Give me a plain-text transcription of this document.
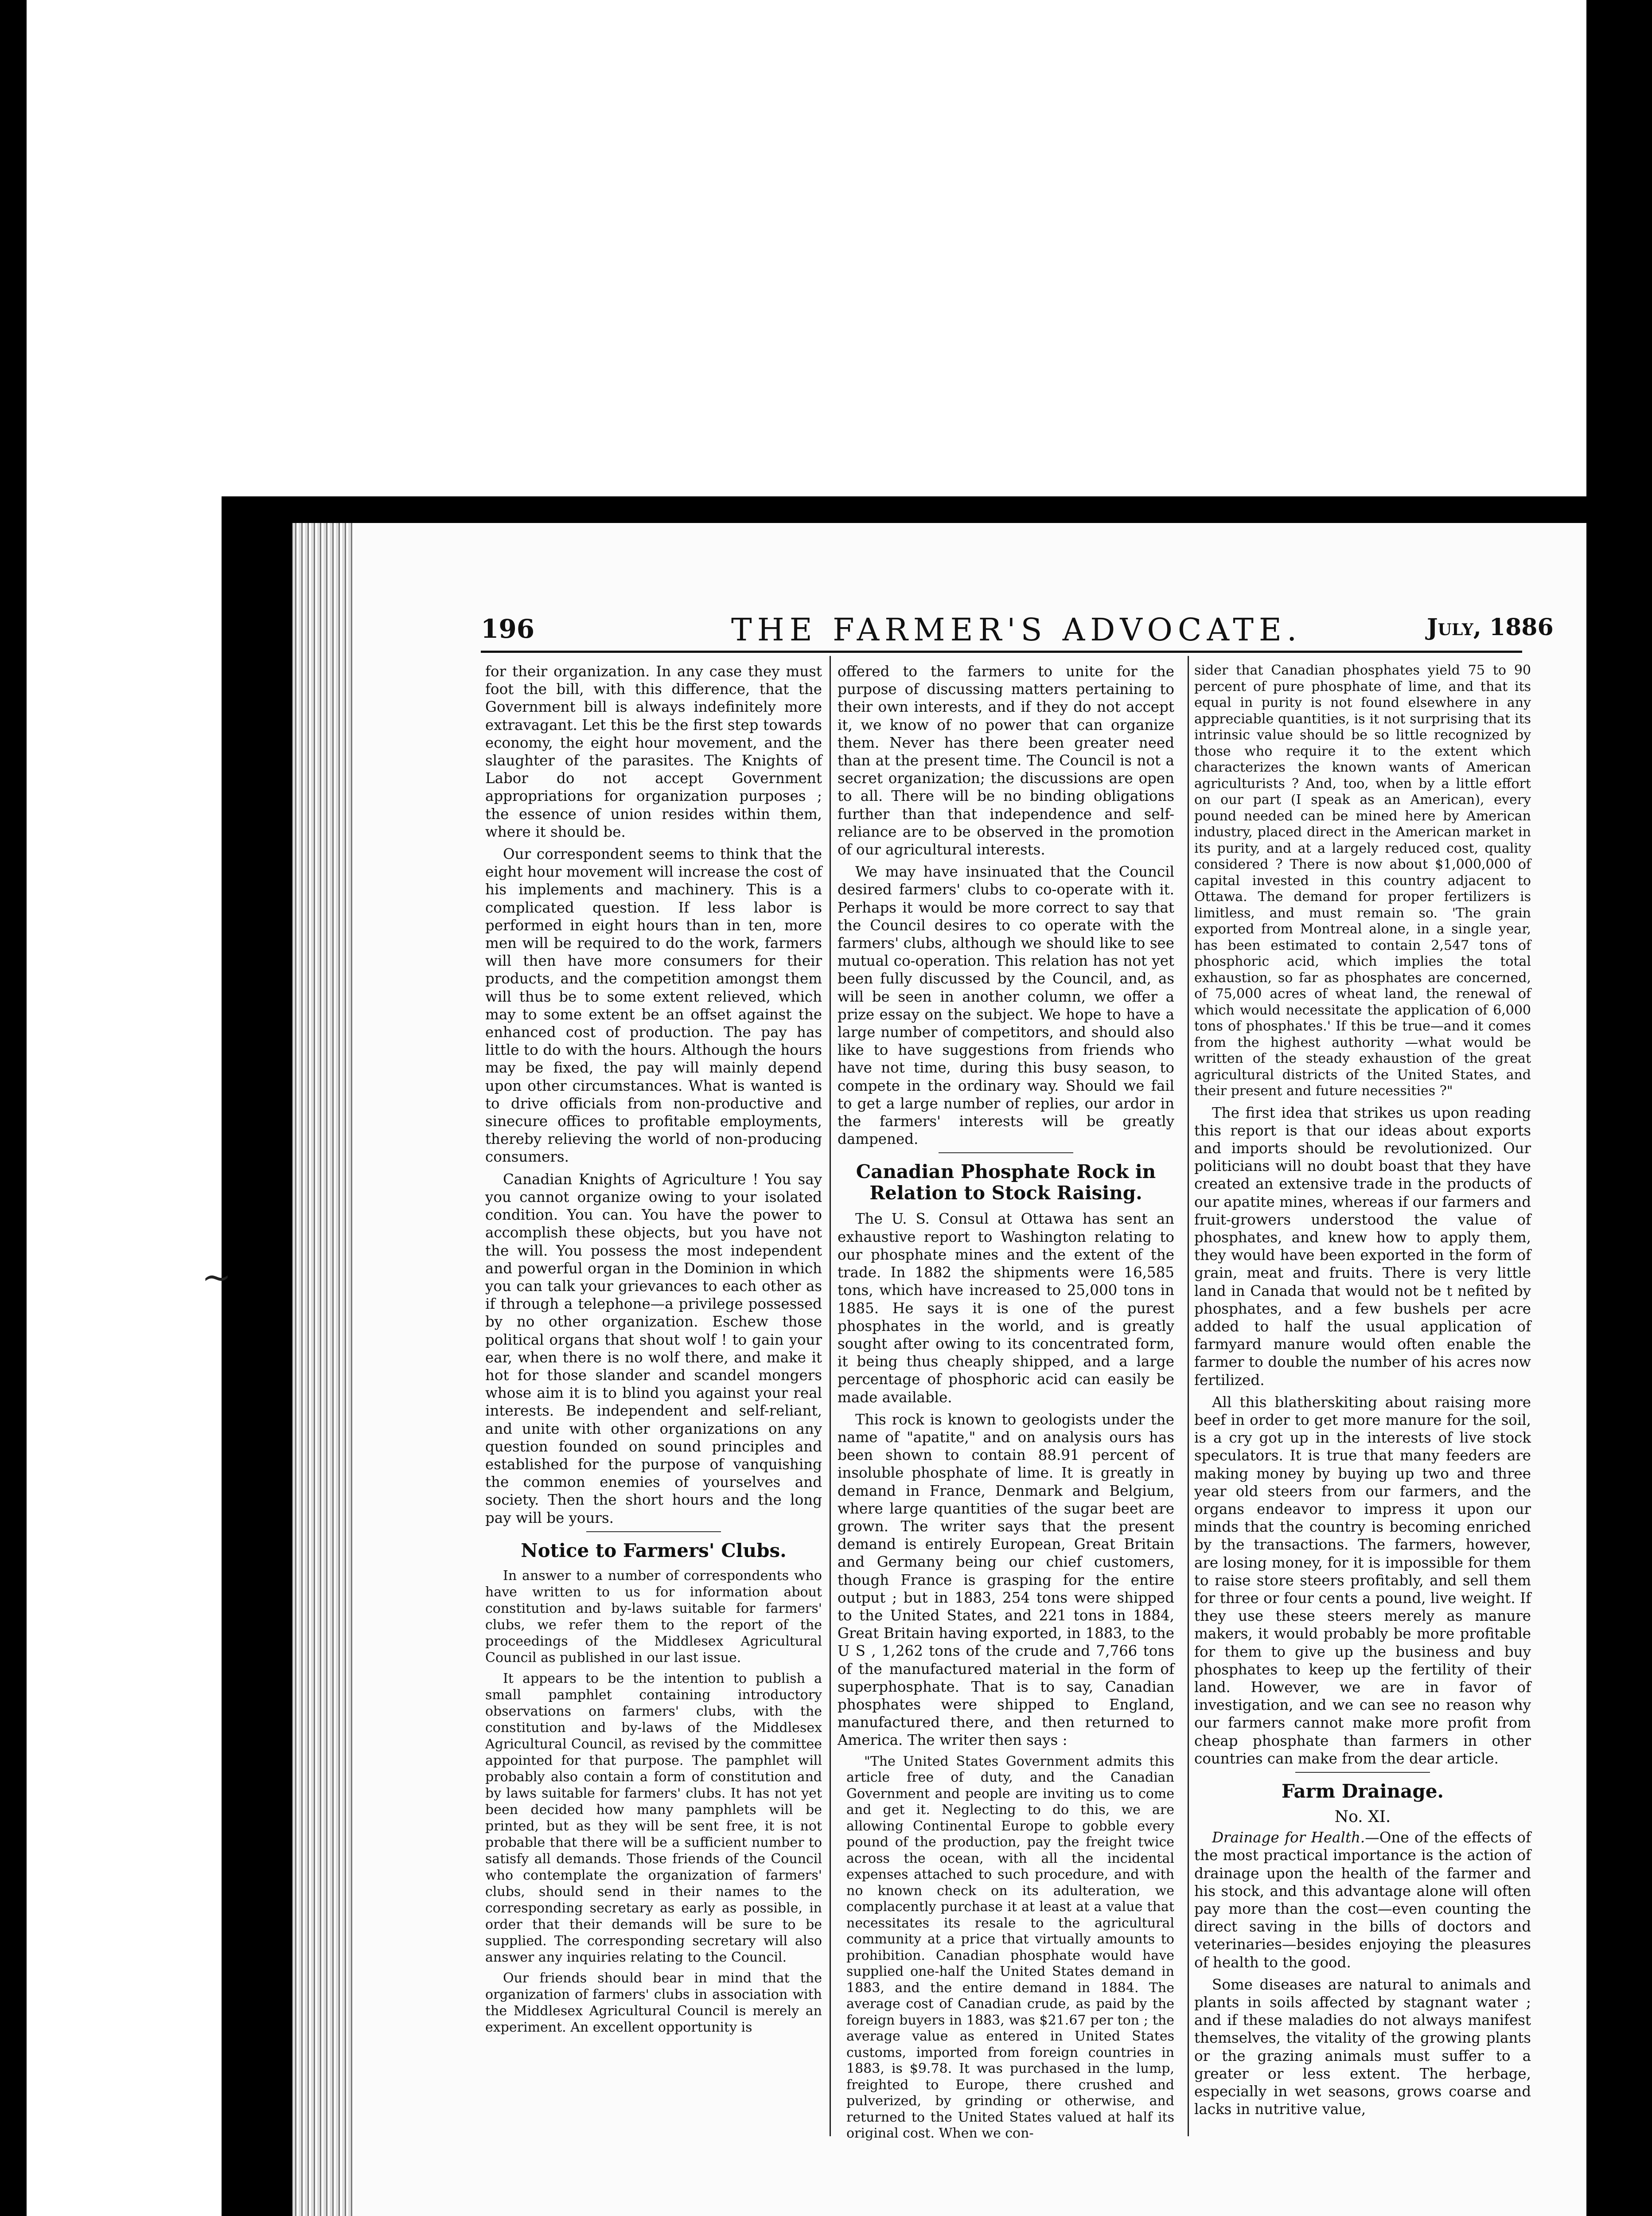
~
196	THE FARMER'S ADVOCATE.	July, 1886

for their organization. In any case they must foot the bill, with this difference, that the Government bill is always indefinitely more extravagant. Let this be the first step towards economy, the eight hour movement, and the slaughter of the parasites. The Knights of Labor do not accept Government appropriations for organization purposes ; the essence of union resides within them, where it should be.

Our correspondent seems to think that the eight hour movement will increase the cost of his implements and machinery. This is a complicated question. If less labor is performed in eight hours than in ten, more men will be required to do the work, farmers will then have more consumers for their products, and the competition amongst them will thus be to some extent relieved, which may to some extent be an offset against the enhanced cost of production. The pay has little to do with the hours. Although the hours may be fixed, the pay will mainly depend upon other circumstances. What is wanted is to drive officials from non-productive and sinecure offices to profitable employments, thereby relieving the world of non-producing consumers.

Canadian Knights of Agriculture ! You say you cannot organize owing to your isolated condition. You can. You have the power to accomplish these objects, but you have not the will. You possess the most independent and powerful organ in the Dominion in which you can talk your grievances to each other as if through a telephone—a privilege possessed by no other organization. Eschew those political organs that shout wolf ! to gain your ear, when there is no wolf there, and make it hot for those slander and scandel mongers whose aim it is to blind you against your real interests. Be independent and self-reliant, and unite with other organizations on any question founded on sound principles and established for the purpose of vanquishing the common enemies of yourselves and society. Then the short hours and the long pay will be yours.

Notice to Farmers' Clubs.

In answer to a number of correspondents who have written to us for information about constitution and by-laws suitable for farmers' clubs, we refer them to the report of the proceedings of the Middlesex Agricultural Council as published in our last issue.

It appears to be the intention to publish a small pamphlet containing introductory observations on farmers' clubs, with the constitution and by-laws of the Middlesex Agricultural Council, as revised by the committee appointed for that purpose. The pamphlet will probably also contain a form of constitution and by laws suitable for farmers' clubs. It has not yet been decided how many pamphlets will be printed, but as they will be sent free, it is not probable that there will be a sufficient number to satisfy all demands. Those friends of the Council who contemplate the organization of farmers' clubs, should send in their names to the corresponding secretary as early as possible, in order that their demands will be sure to be supplied. The corresponding secretary will also answer any inquiries relating to the Council.

Our friends should bear in mind that the organization of farmers' clubs in association with the Middlesex Agricultural Council is merely an experiment. An excellent opportunity is

offered to the farmers to unite for the purpose of discussing matters pertaining to their own interests, and if they do not accept it, we know of no power that can organize them. Never has there been greater need than at the present time. The Council is not a secret organization; the discussions are open to all. There will be no binding obligations further than that independence and self-reliance are to be observed in the promotion of our agricultural interests.

We may have insinuated that the Council desired farmers' clubs to co-operate with it. Perhaps it would be more correct to say that the Council desires to co operate with the farmers' clubs, although we should like to see mutual co-operation. This relation has not yet been fully discussed by the Council, and, as will be seen in another column, we offer a prize essay on the subject. We hope to have a large number of competitors, and should also like to have suggestions from friends who have not time, during this busy season, to compete in the ordinary way. Should we fail to get a large number of replies, our ardor in the farmers' interests will be greatly dampened.

Canadian Phosphate Rock in Relation to Stock Raising.

The U. S. Consul at Ottawa has sent an exhaustive report to Washington relating to our phosphate mines and the extent of the trade. In 1882 the shipments were 16,585 tons, which have increased to 25,000 tons in 1885. He says it is one of the purest phosphates in the world, and is greatly sought after owing to its concentrated form, it being thus cheaply shipped, and a large percentage of phosphoric acid can easily be made available.

This rock is known to geologists under the name of "apatite," and on analysis ours has been shown to contain 88.91 percent of insoluble phosphate of lime. It is greatly in demand in France, Denmark and Belgium, where large quantities of the sugar beet are grown. The writer says that the present demand is entirely European, Great Britain and Germany being our chief customers, though France is grasping for the entire output ; but in 1883, 254 tons were shipped to the United States, and 221 tons in 1884, Great Britain having exported, in 1883, to the U S , 1,262 tons of the crude and 7,766 tons of the manufactured material in the form of superphosphate. That is to say, Canadian phosphates were shipped to England, manufactured there, and then returned to America. The writer then says :

"The United States Government admits this article free of duty, and the Canadian Government and people are inviting us to come and get it. Neglecting to do this, we are allowing Continental Europe to gobble every pound of the production, pay the freight twice across the ocean, with all the incidental expenses attached to such procedure, and with no known check on its adulteration, we complacently purchase it at least at a value that necessitates its resale to the agricultural community at a price that virtually amounts to prohibition. Canadian phosphate would have supplied one-half the United States demand in 1883, and the entire demand in 1884. The average cost of Canadian crude, as paid by the foreign buyers in 1883, was $21.67 per ton ; the average value as entered in United States customs, imported from foreign countries in 1883, is $9.78. It was purchased in the lump, freighted to Europe, there crushed and pulverized, by grinding or otherwise, and returned to the United States valued at half its original cost. When we con-

sider that Canadian phosphates yield 75 to 90 percent of pure phosphate of lime, and that its equal in purity is not found elsewhere in any appreciable quantities, is it not surprising that its intrinsic value should be so little recognized by those who require it to the extent which characterizes the known wants of American agriculturists ? And, too, when by a little effort on our part (I speak as an American), every pound needed can be mined here by American industry, placed direct in the American market in its purity, and at a largely reduced cost, quality considered ? There is now about $1,000,000 of capital invested in this country adjacent to Ottawa. The demand for proper fertilizers is limitless, and must remain so. 'The grain exported from Montreal alone, in a single year, has been estimated to contain 2,547 tons of phosphoric acid, which implies the total exhaustion, so far as phosphates are concerned, of 75,000 acres of wheat land, the renewal of which would necessitate the application of 6,000 tons of phosphates.' If this be true—and it comes from the highest authority —what would be written of the steady exhaustion of the great agricultural districts of the United States, and their present and future necessities ?"

The first idea that strikes us upon reading this report is that our ideas about exports and imports should be revolutionized. Our politicians will no doubt boast that they have created an extensive trade in the products of our apatite mines, whereas if our farmers and fruit-growers understood the value of phosphates, and knew how to apply them, they would have been exported in the form of grain, meat and fruits. There is very little land in Canada that would not be t nefited by phosphates, and a few bushels per acre added to half the usual application of farmyard manure would often enable the farmer to double the number of his acres now fertilized.

All this blatherskiting about raising more beef in order to get more manure for the soil, is a cry got up in the interests of live stock speculators. It is true that many feeders are making money by buying up two and three year old steers from our farmers, and the organs endeavor to impress it upon our minds that the country is becoming enriched by the transactions. The farmers, however, are losing money, for it is impossible for them to raise store steers profitably, and sell them for three or four cents a pound, live weight. If they use these steers merely as manure makers, it would probably be more profitable for them to give up the business and buy phosphates to keep up the fertility of their land. However, we are in favor of investigation, and we can see no reason why our farmers cannot make more profit from cheap phosphate than farmers in other countries can make from the dear article.

Farm Drainage.
No. XI.

Drainage for Health.—One of the effects of the most practical importance is the action of drainage upon the health of the farmer and his stock, and this advantage alone will often pay more than the cost—even counting the direct saving in the bills of doctors and veterinaries—besides enjoying the pleasures of health to the good.

Some diseases are natural to animals and plants in soils affected by stagnant water ; and if these maladies do not always manifest themselves, the vitality of the growing plants or the grazing animals must suffer to a greater or less extent. The herbage, especially in wet seasons, grows coarse and lacks in nutritive value,
